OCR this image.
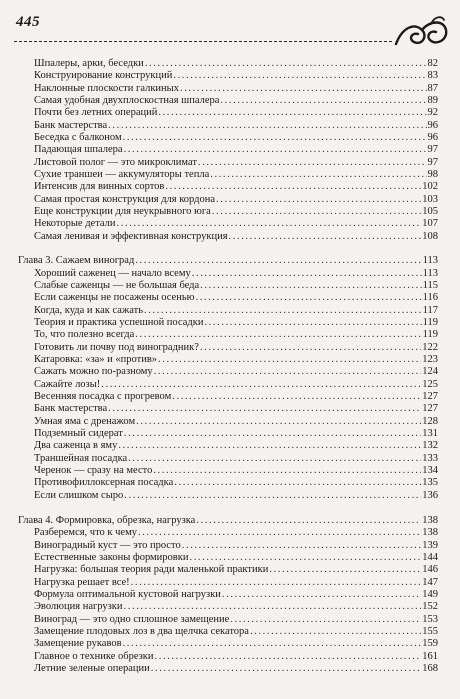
445
Шпалеры, арки, беседки .....	82
Конструирование конструкций .....	83
Наклонные плоскости галкиных .....	87
Самая удобная двухплоскостная шпалера .....	89
Почти без летних операций .....	92
Банк мастерства .....	96
Беседка с балконом .....	96
Падающая шпалера .....	97
Листовой полог — это микроклимат .....	97
Сухие траншеи — аккумуляторы тепла .....	98
Интенсив для винных сортов .....	102
Самая простая конструкция для кордона .....	103
Еще конструкции для неукрывного юга .....	105
Некоторые детали .....	107
Самая ленивая и эффективная конструкция .....	108
Глава 3. Сажаем виноград .....	113
Хороший саженец — начало всему .....	113
Слабые саженцы — не большая беда .....	115
Если саженцы не посажены осенью .....	116
Когда, куда и как сажать .....	117
Теория и практика успешной посадки .....	119
То, что полезно всегда .....	119
Готовить ли почву под виноградник? .....	122
Катаровка: «за» и «против» .....	123
Сажать можно по-разному .....	124
Сажайте лозы! .....	125
Весенняя посадка с прогревом .....	127
Банк мастерства .....	127
Умная яма с дренажом .....	128
Подземный сидерат .....	131
Два саженца в яму .....	132
Траншейная посадка .....	133
Черенок — сразу на место .....	134
Противофиллоксерная посадка .....	135
Если слишком сыро .....	136
Глава 4. Формировка, обрезка, нагрузка .....	138
Разберемся, что к чему .....	138
Виноградный куст — это просто .....	139
Естественные законы формировки .....	144
Нагрузка: большая теория ради маленькой практики .....	146
Нагрузка решает все! .....	147
Формула оптимальной кустовой нагрузки .....	149
Эволюция нагрузки .....	152
Виноград — это одно сплошное замещение .....	153
Замещение плодовых лоз в два щелчка секатора .....	155
Замещение рукавов .....	159
Главное о технике обрезки .....	161
Летние зеленые операции .....	168
